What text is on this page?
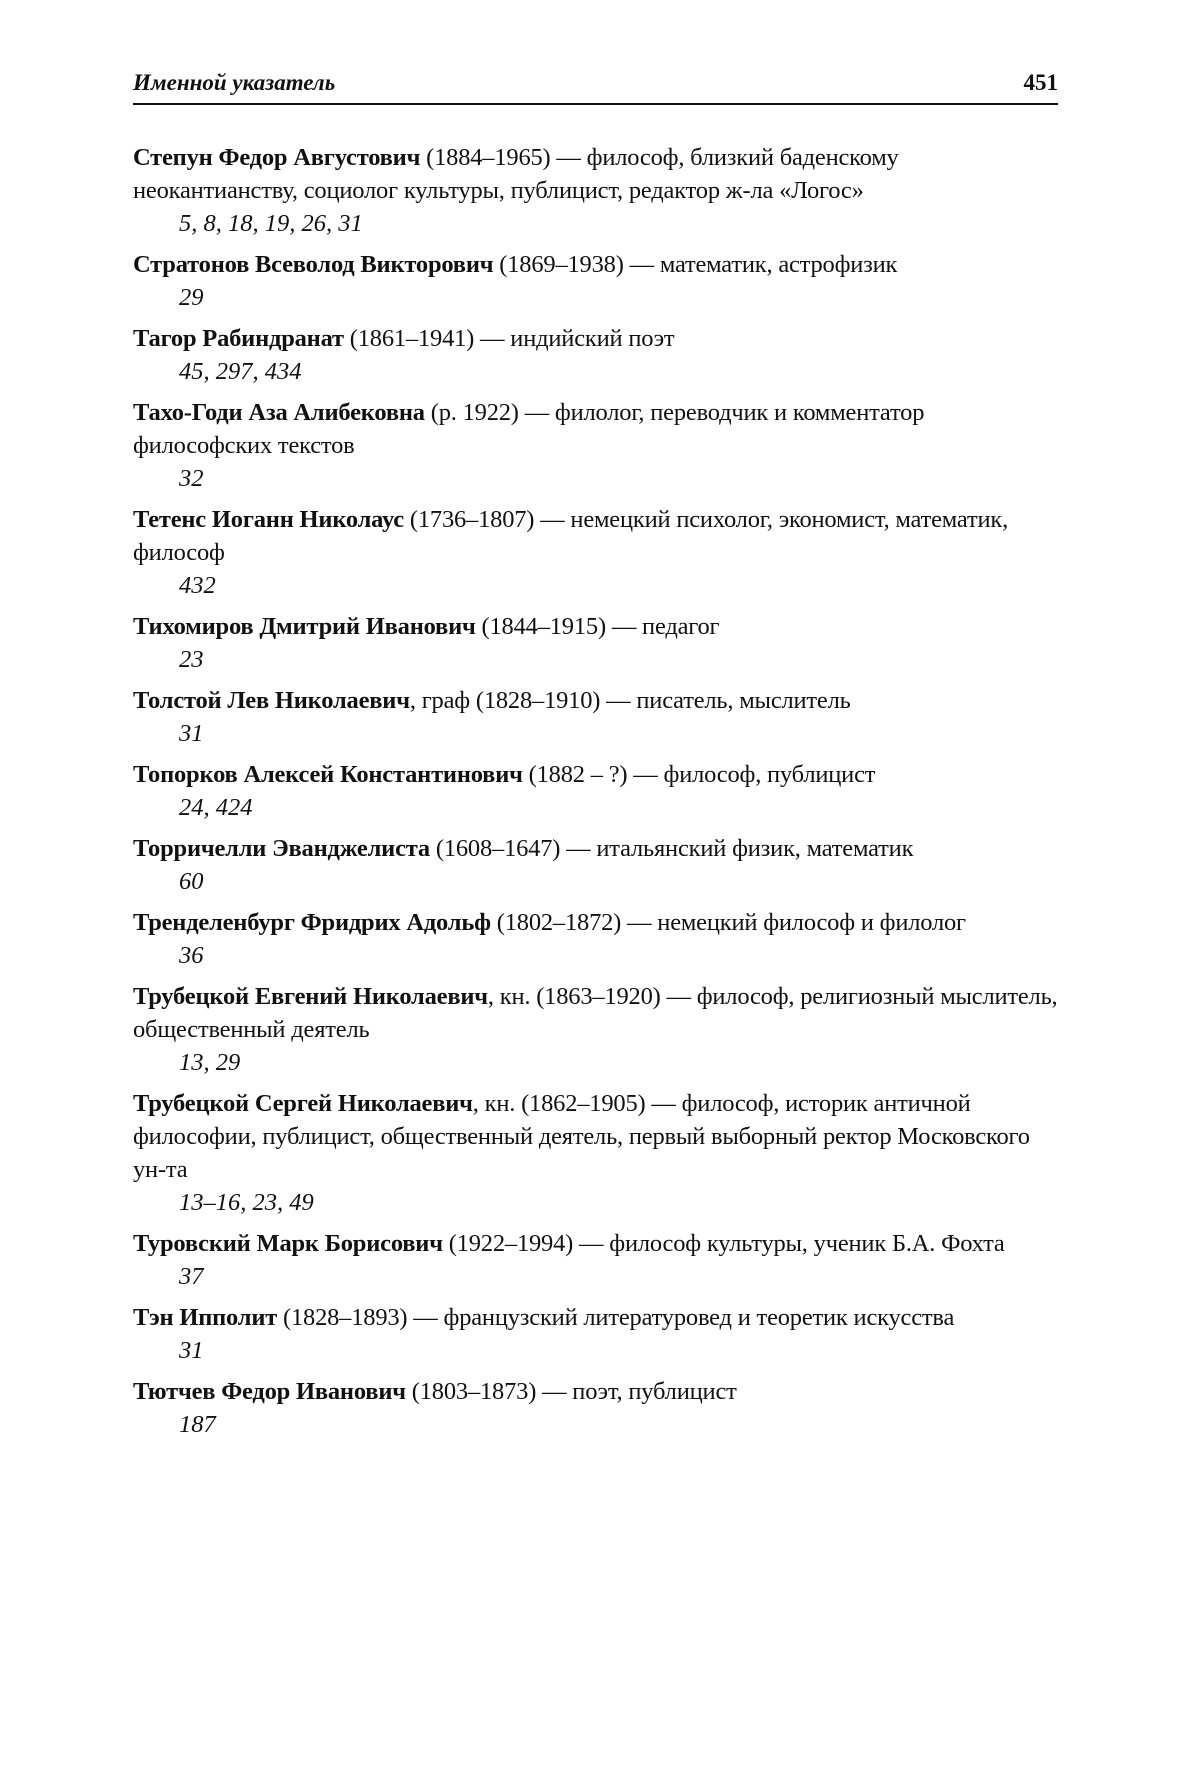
Именной указатель	451
Степун Федор Августович (1884–1965) — философ, близкий баденскому неокантианству, социолог культуры, публицист, редактор ж-ла «Логос»
5, 8, 18, 19, 26, 31
Стратонов Всеволод Викторович (1869–1938) — математик, астрофизик
29
Тагор Рабиндранат (1861–1941) — индийский поэт
45, 297, 434
Тахо-Годи Аза Алибековна (р. 1922) — филолог, переводчик и комментатор философских текстов
32
Тетенс Иоганн Николаус (1736–1807) — немецкий психолог, экономист, математик, философ
432
Тихомиров Дмитрий Иванович (1844–1915) — педагог
23
Толстой Лев Николаевич, граф (1828–1910) — писатель, мыслитель
31
Топорков Алексей Константинович (1882 – ?) — философ, публицист
24, 424
Торричелли Эванджелиста (1608–1647) — итальянский физик, математик
60
Тренделенбург Фридрих Адольф (1802–1872) — немецкий философ и филолог
36
Трубецкой Евгений Николаевич, кн. (1863–1920) — философ, религиозный мыслитель, общественный деятель
13, 29
Трубецкой Сергей Николаевич, кн. (1862–1905) — философ, историк античной философии, публицист, общественный деятель, первый выборный ректор Московского ун-та
13–16, 23, 49
Туровский Марк Борисович (1922–1994) — философ культуры, ученик Б.А. Фохта
37
Тэн Ипполит (1828–1893) — французский литературовед и теоретик искусства
31
Тютчев Федор Иванович (1803–1873) — поэт, публицист
187
